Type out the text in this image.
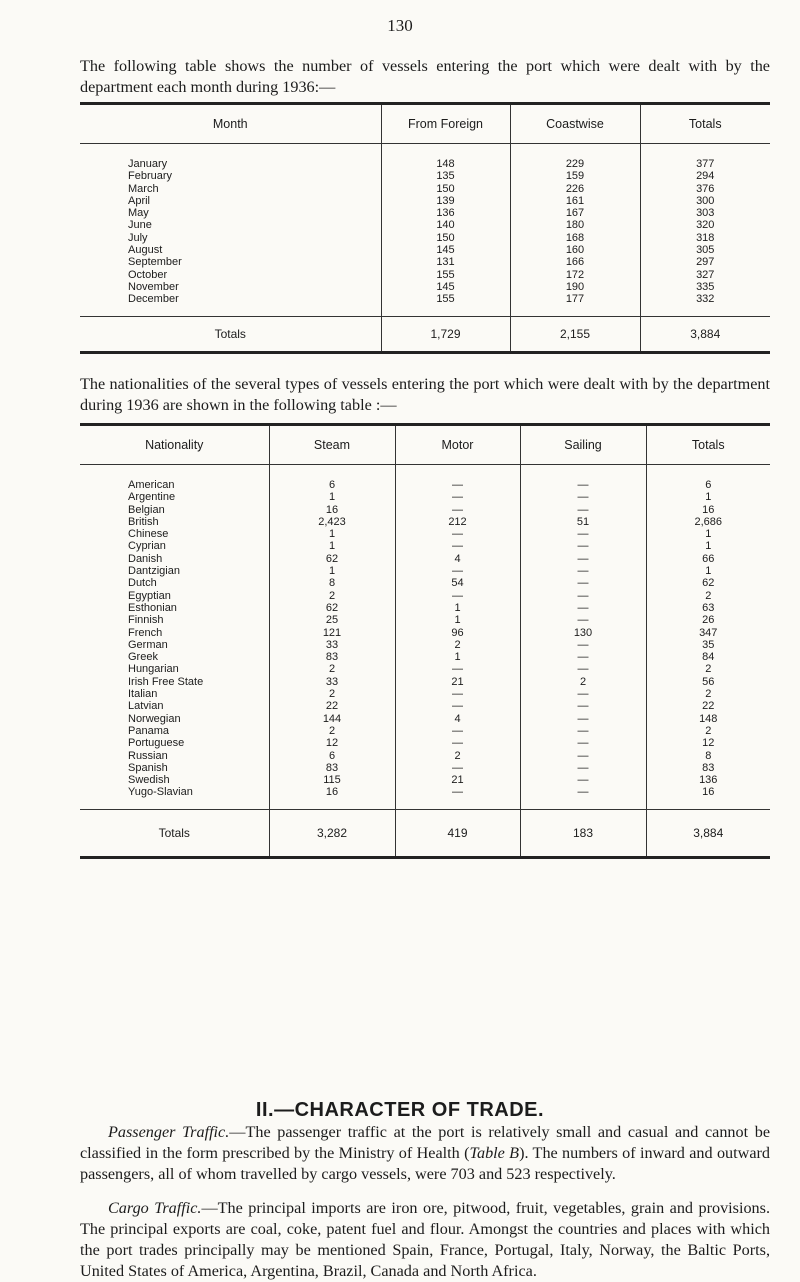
130

The following table shows the number of vessels entering the port which were dealt with by the department each month during 1936:—

Month	From Foreign	Coastwise	Totals
January	148	229	377
February	135	159	294
March	150	226	376
April	139	161	300
May	136	167	303
June	140	180	320
July	150	168	318
August	145	160	305
September	131	166	297
October	155	172	327
November	145	190	335
December	155	177	332
Totals	1,729	2,155	3,884

The nationalities of the several types of vessels entering the port which were dealt with by the department during 1936 are shown in the following table :—

Nationality	Steam	Motor	Sailing	Totals
American	6	—	—	6
Argentine	1	—	—	1
Belgian	16	—	—	16
British	2,423	212	51	2,686
Chinese	1	—	—	1
Cyprian	1	—	—	1
Danish	62	4	—	66
Dantzigian	1	—	—	1
Dutch	8	54	—	62
Egyptian	2	—	—	2
Esthonian	62	1	—	63
Finnish	25	1	—	26
French	121	96	130	347
German	33	2	—	35
Greek	83	1	—	84
Hungarian	2	—	—	2
Irish Free State	33	21	2	56
Italian	2	—	—	2
Latvian	22	—	—	22
Norwegian	144	4	—	148
Panama	2	—	—	2
Portuguese	12	—	—	12
Russian	6	2	—	8
Spanish	83	—	—	83
Swedish	115	21	—	136
Yugo-Slavian	16	—	—	16
Totals	3,282	419	183	3,884
II.—CHARACTER OF TRADE.

Passenger Traffic.—The passenger traffic at the port is relatively small and casual and cannot be classified in the form prescribed by the Ministry of Health (Table B). The numbers of inward and outward passengers, all of whom travelled by cargo vessels, were 703 and 523 respectively.

Cargo Traffic.—The principal imports are iron ore, pitwood, fruit, vegetables, grain and provisions. The principal exports are coal, coke, patent fuel and flour. Amongst the countries and places with which the port trades principally may be mentioned Spain, France, Portugal, Italy, Norway, the Baltic Ports, United States of America, Argentina, Brazil, Canada and North Africa.
